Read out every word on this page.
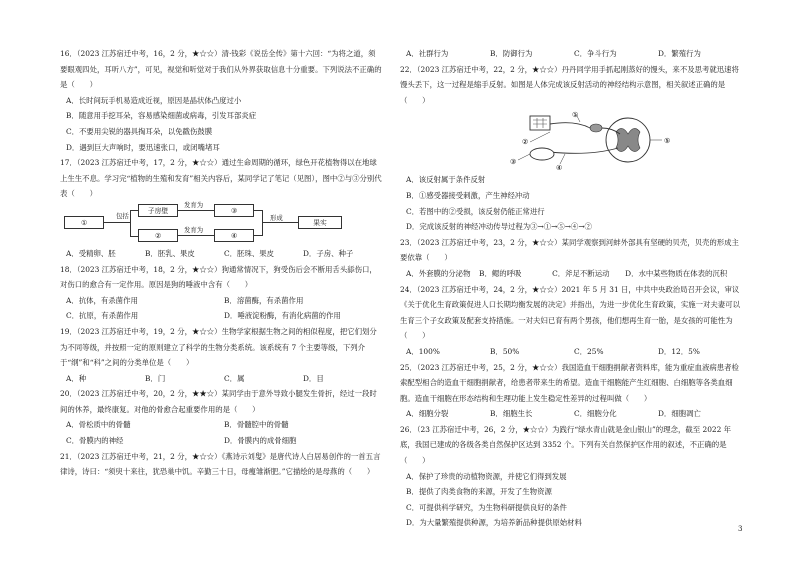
16．（2023 江苏宿迁中考，16，2 分，★☆☆）清·钱彩《说岳全传》第十六回：“为将之道，须要眼观四处，耳听八方”，可见，视觉和听觉对于我们从外界获取信息十分重要。下列说法不正确的是（　　）
A．长时间玩手机易造成近视，原因是晶状体凸度过小
B．随意用手挖耳朵，容易感染细菌或病毒，引发耳部炎症
C．不要用尖锐的器具掏耳朵，以免戳伤鼓膜
D．遇到巨大声响时，要迅速张口，或闭嘴堵耳
17．（2023 江苏宿迁中考，17，2 分，★☆☆）通过生命周期的循环，绿色开花植物得以在地球上生生不息。学习完“植物的生殖和发育”相关内容后，某同学记了笔记（见图），图中②与③分别代表（　　）
①
包括
子房壁
②
发育为
发育为
③
④
形成
果实
A．受精卵、胚	B．胚乳、果皮	C．胚珠、果皮	D．子房、种子
18．（2023 江苏宿迁中考，18，2 分，★☆☆）狗通常情况下，狗受伤后会不断用舌头舔伤口，对伤口的愈合有一定作用。原因是狗的唾液中含有（　　）
A．抗体，有杀菌作用	B．溶菌酶，有杀菌作用
C．抗原，有杀菌作用	D．唾液淀粉酶，有消化病菌的作用
19．（2023 江苏宿迁中考，19，2 分，★☆☆）生物学家根据生物之间的相似程度，把它们划分为不同等级，并按照一定的原则建立了科学的生物分类系统。该系统有 7 个主要等级，下列介于“纲”和“科”之间的分类单位是（　　）
A．种	B．门	C．属	D．目
20．（2023 江苏宿迁中考，20，2 分，★★☆）某同学由于意外导致小腿发生骨折，经过一段时间的休养，最终康复。对他的骨愈合起重要作用的是（　　）
A．骨松质中的骨髓	B．骨髓腔中的骨髓
C．骨膜内的神经	D．骨膜内的成骨细胞
21．（2023 江苏宿迁中考，21，2 分，★☆☆）《燕诗示刘叟》是唐代诗人白居易创作的一首五言律诗，诗曰：“须臾十来往，犹恐巢中饥。辛勤三十日，母瘦雏渐肥。”它描绘的是母燕的（　　）
A．社群行为	B．防御行为	C．争斗行为	D．繁殖行为
22．（2023 江苏宿迁中考，22，2 分，★☆☆）丹丹同学用手抓起刚蒸好的馒头，来不及思考就迅速将馒头丢下，这一过程是缩手反射。如图是人体完成该反射活动的神经结构示意图，相关叙述正确的是（　　）
①
②
③
④
⑤
A．该反射属于条件反射
B．①感受器接受刺激，产生神经冲动
C．若图中的②受损，该反射仍能正常进行
D．完成该反射的神经冲动传导过程为③→①→⑤→④→②
23．（2023 江苏宿迁中考，23，2 分，★☆☆）某同学观察到河蚌外部具有坚硬的贝壳，贝壳的形成主要依靠（　　）
A．外套膜的分泌物	B．鳃的呼吸	C．斧足不断运动	D．水中某些物质在体表的沉积
24．（2023 江苏宿迁中考，24，2 分，★☆☆）2021 年 5 月 31 日，中共中央政治局召开会议，审议《关于优化生育政策促进人口长期均衡发展的决定》并指出，为进一步优化生育政策，实施一对夫妻可以生育三个子女政策及配套支持措施。一对夫妇已育有两个男孩，他们想再生育一胎，是女孩的可能性为（　　）
A．100%	B．50%	C．25%	D．12．5%
25．（2023 江苏宿迁中考，25，2 分，★☆☆）我国造血干细胞捐献者资料库，能为重症血液病患者检索配型相合的造血干细胞捐献者，给患者带来生的希望。造血干细胞能产生红细胞、白细胞等各类血细胞。造血干细胞在形态结构和生理功能上发生稳定性差异的过程叫做（　　）
A．细胞分裂	B．细胞生长	C．细胞分化	D．细胞凋亡
26．（23 江苏宿迁中考，26，2 分，★☆☆）为践行“绿水青山就是金山银山”的理念，截至 2022 年底，我国已建成的各级各类自然保护区达到 3352 个。下列有关自然保护区作用的叙述，不正确的是（　　）
A．保护了珍贵的动植物资源，并使它们得到发展
B．提供了肉类食物的来源，开发了生物资源
C．可提供科学研究，为生物科研提供良好的条件
D．为大量繁殖提供种源，为培养新品种提供原始材料
3
